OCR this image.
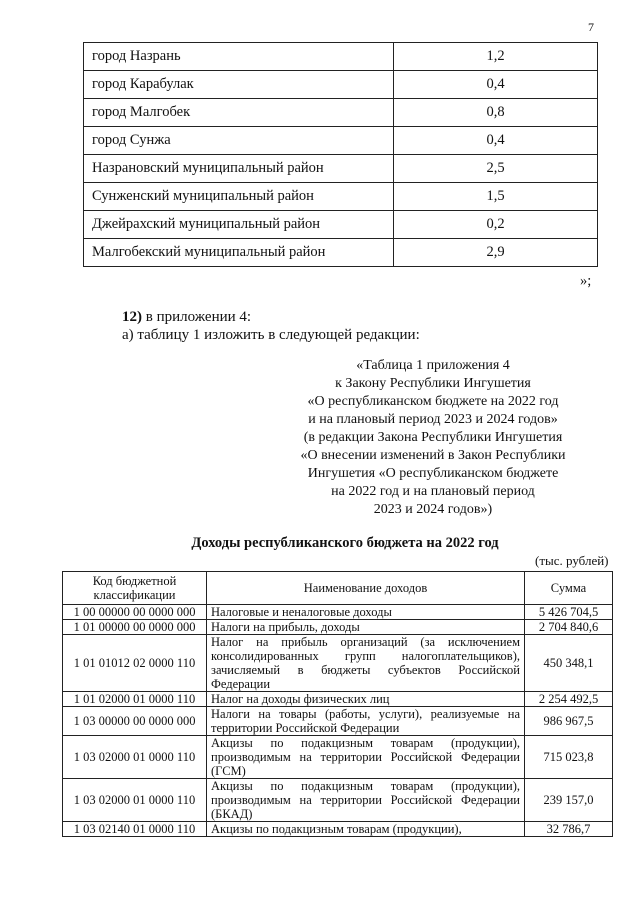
7
город Назрань	1,2
город Карабулак	0,4
город Малгобек	0,8
город Сунжа	0,4
Назрановский муниципальный район	2,5
Сунженский муниципальный район	1,5
Джейрахский муниципальный район	0,2
Малгобекский муниципальный район	2,9
»;
12) в приложении 4:
а) таблицу 1 изложить в следующей редакции:
«Таблица 1 приложения 4
к Закону Республики Ингушетия
«О республиканском бюджете на 2022 год
и на плановый период 2023 и 2024 годов»
(в редакции Закона Республики Ингушетия
«О внесении изменений в Закон Республики
Ингушетия «О республиканском бюджете
на 2022 год и на плановый период
2023 и 2024 годов»)
Доходы республиканского бюджета на 2022 год
(тыс. рублей)
Код бюджетной классификации	Наименование доходов	Сумма
1 00 00000 00 0000 000	Налоговые и неналоговые доходы	5 426 704,5
1 01 00000 00 0000 000	Налоги на прибыль, доходы	2 704 840,6
1 01 01012 02 0000 110	Налог на прибыль организаций (за исключением консолидированных групп налогоплательщиков), зачисляемый в бюджеты субъектов Российской Федерации	450 348,1
1 01 02000 01 0000 110	Налог на доходы физических лиц	2 254 492,5
1 03 00000 00 0000 000	Налоги на товары (работы, услуги), реализуемые на территории Российской Федерации	986 967,5
1 03 02000 01 0000 110	Акцизы по подакцизным товарам (продукции), производимым на территории Российской Федерации (ГСМ)	715 023,8
1 03 02000 01 0000 110	Акцизы по подакцизным товарам (продукции), производимым на территории Российской Федерации (БКАД)	239 157,0
1 03 02140 01 0000 110	Акцизы по подакцизным товарам (продукции),	32 786,7
